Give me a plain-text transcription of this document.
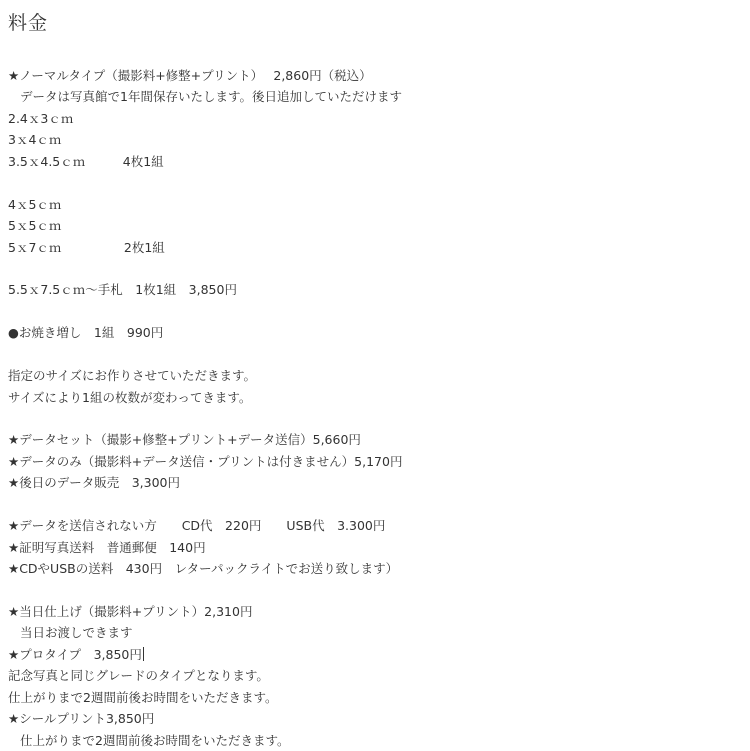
料金
★ノーマルタイプ（撮影料+修整+プリント）　 2,860円（税込）
データは写真館で1年間保存いたします。後日追加していただけます
2.4ｘ3ｃｍ
3ｘ4ｃｍ
3.5ｘ4.5ｃｍ　　　4枚1組
4ｘ5ｃｍ
5ｘ5ｃｍ
5ｘ7ｃｍ　　　　　2枚1組
5.5ｘ7.5ｃｍ～手札　1枚1組　3,850円
●お焼き増し　1組　990円
指定のサイズにお作りさせていただきます。
サイズにより1組の枚数が変わってきます。
★データセット（撮影+修整+プリント+データ送信）5,660円
★データのみ（撮影料+データ送信・プリントは付きません）5,170円
★後日のデータ販売　3,300円
★データを送信されない方　　CD代　220円　　USB代　3.300円
★証明写真送料　普通郵便　140円
★CDやUSBの送料　430円　レターパックライトでお送り致します）
★当日仕上げ（撮影料+プリント）2,310円
当日お渡しできます
★プロタイプ　3,850円
記念写真と同じグレードのタイプとなります。
仕上がりまで2週間前後お時間をいただきます。
★シールプリント3,850円
仕上がりまで2週間前後お時間をいただきます。
